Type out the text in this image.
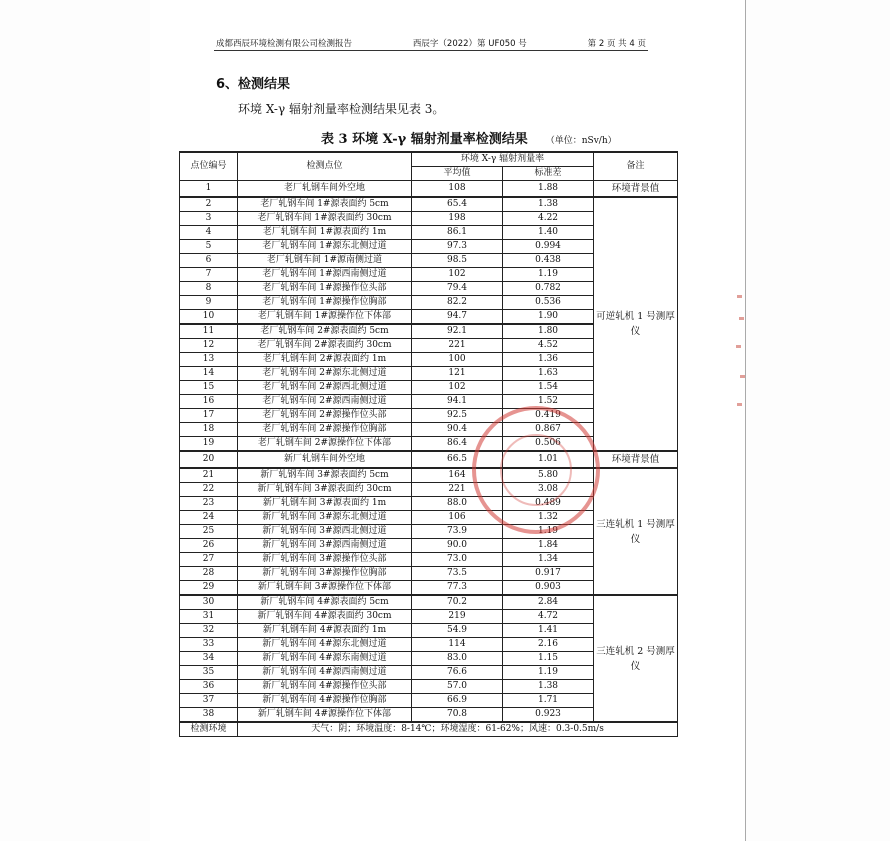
成都西辰环境检测有限公司检测报告	西辰字（2022）第 UF050 号	第 2 页 共 4 页
6、检测结果
环境 X-γ 辐射剂量率检测结果见表 3。
表 3 环境 X-γ 辐射剂量率检测结果 （单位：nSv/h）
点位编号	检测点位	环境 X-γ 辐射剂量率		备注
		平均值	标准差	
1	老厂轧钢车间外空地	108	1.88	环境背景值
2	老厂轧钢车间 1#源表面约 5cm	65.4	1.38	可逆轧机 1 号测厚仪
3	老厂轧钢车间 1#源表面约 30cm	198	4.22	
4	老厂轧钢车间 1#源表面约 1m	86.1	1.40	
5	老厂轧钢车间 1#源东北侧过道	97.3	0.994	
6	老厂轧钢车间 1#源南侧过道	98.5	0.438	
7	老厂轧钢车间 1#源西南侧过道	102	1.19	
8	老厂轧钢车间 1#源操作位头部	79.4	0.782	
9	老厂轧钢车间 1#源操作位胸部	82.2	0.536	
10	老厂轧钢车间 1#源操作位下体部	94.7	1.90	
11	老厂轧钢车间 2#源表面约 5cm	92.1	1.80	
12	老厂轧钢车间 2#源表面约 30cm	221	4.52	
13	老厂轧钢车间 2#源表面约 1m	100	1.36	
14	老厂轧钢车间 2#源东北侧过道	121	1.63	
15	老厂轧钢车间 2#源西北侧过道	102	1.54	
16	老厂轧钢车间 2#源西南侧过道	94.1	1.52	
17	老厂轧钢车间 2#源操作位头部	92.5	0.419	
18	老厂轧钢车间 2#源操作位胸部	90.4	0.867	
19	老厂轧钢车间 2#源操作位下体部	86.4	0.506	
20	新厂轧钢车间外空地	66.5	1.01	环境背景值
21	新厂轧钢车间 3#源表面约 5cm	164	5.80	三连轧机 1 号测厚仪
22	新厂轧钢车间 3#源表面约 30cm	221	3.08	
23	新厂轧钢车间 3#源表面约 1m	88.0	0.489	
24	新厂轧钢车间 3#源东北侧过道	106	1.32	
25	新厂轧钢车间 3#源西北侧过道	73.9	1.19	
26	新厂轧钢车间 3#源西南侧过道	90.0	1.84	
27	新厂轧钢车间 3#源操作位头部	73.0	1.34	
28	新厂轧钢车间 3#源操作位胸部	73.5	0.917	
29	新厂轧钢车间 3#源操作位下体部	77.3	0.903	
30	新厂轧钢车间 4#源表面约 5cm	70.2	2.84	三连轧机 2 号测厚仪
31	新厂轧钢车间 4#源表面约 30cm	219	4.72	
32	新厂轧钢车间 4#源表面约 1m	54.9	1.41	
33	新厂轧钢车间 4#源东北侧过道	114	2.16	
34	新厂轧钢车间 4#源东南侧过道	83.0	1.15	
35	新厂轧钢车间 4#源西南侧过道	76.6	1.19	
36	新厂轧钢车间 4#源操作位头部	57.0	1.38	
37	新厂轧钢车间 4#源操作位胸部	66.9	1.71	
38	新厂轧钢车间 4#源操作位下体部	70.8	0.923	
检测环境	天气：阴；环境温度：8-14℃；环境湿度：61-62%；风速：0.3-0.5m/s			
